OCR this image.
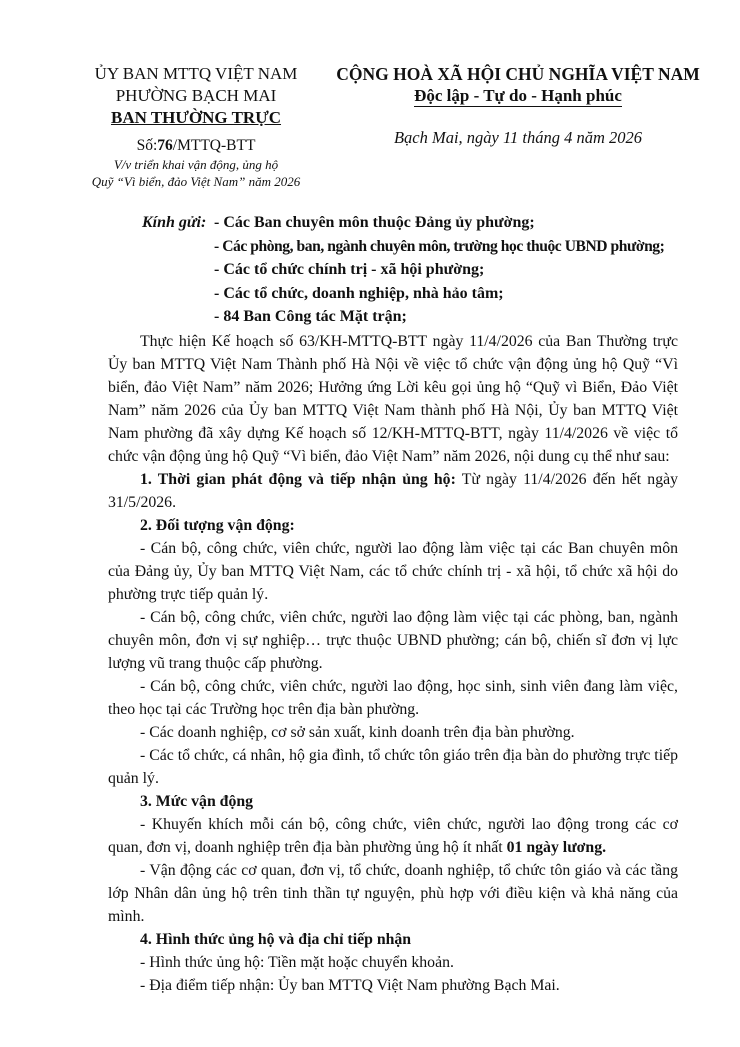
ỦY BAN MTTQ VIỆT NAM
PHƯỜNG BẠCH MAI
BAN THƯỜNG TRỰC
Số:76/MTTQ-BTT
V/v triển khai vận động, ủng hộ
Quỹ “Vì biển, đảo Việt Nam” năm 2026
CỘNG HOÀ XÃ HỘI CHỦ NGHĨA VIỆT NAM
Độc lập - Tự do - Hạnh phúc
Bạch Mai, ngày 11 tháng 4 năm 2026
Kính gửi: - Các Ban chuyên môn thuộc Đảng ủy phường;
- Các phòng, ban, ngành chuyên môn, trường học thuộc UBND phường;
- Các tổ chức chính trị - xã hội phường;
- Các tổ chức, doanh nghiệp, nhà hảo tâm;
- 84 Ban Công tác Mặt trận;

Thực hiện Kế hoạch số 63/KH-MTTQ-BTT ngày 11/4/2026 của Ban Thường trực Ủy ban MTTQ Việt Nam Thành phố Hà Nội về việc tổ chức vận động ủng hộ Quỹ “Vì biển, đảo Việt Nam” năm 2026; Hưởng ứng Lời kêu gọi ủng hộ “Quỹ vì Biển, Đảo Việt Nam” năm 2026 của Ủy ban MTTQ Việt Nam thành phố Hà Nội, Ủy ban MTTQ Việt Nam phường đã xây dựng Kế hoạch số 12/KH-MTTQ-BTT, ngày 11/4/2026 về việc tổ chức vận động ủng hộ Quỹ “Vì biển, đảo Việt Nam” năm 2026, nội dung cụ thể như sau:

1. Thời gian phát động và tiếp nhận ủng hộ: Từ ngày 11/4/2026 đến hết ngày 31/5/2026.

2. Đối tượng vận động:

- Cán bộ, công chức, viên chức, người lao động làm việc tại các Ban chuyên môn của Đảng ủy, Ủy ban MTTQ Việt Nam, các tổ chức chính trị - xã hội, tổ chức xã hội do phường trực tiếp quản lý.

- Cán bộ, công chức, viên chức, người lao động làm việc tại các phòng, ban, ngành chuyên môn, đơn vị sự nghiệp… trực thuộc UBND phường; cán bộ, chiến sĩ đơn vị lực lượng vũ trang thuộc cấp phường.

- Cán bộ, công chức, viên chức, người lao động, học sinh, sinh viên đang làm việc, theo học tại các Trường học trên địa bàn phường.

- Các doanh nghiệp, cơ sở sản xuất, kinh doanh trên địa bàn phường.

- Các tổ chức, cá nhân, hộ gia đình, tổ chức tôn giáo trên địa bàn do phường trực tiếp quản lý.

3. Mức vận động

- Khuyến khích mỗi cán bộ, công chức, viên chức, người lao động trong các cơ quan, đơn vị, doanh nghiệp trên địa bàn phường ủng hộ ít nhất 01 ngày lương.

- Vận động các cơ quan, đơn vị, tổ chức, doanh nghiệp, tổ chức tôn giáo và các tầng lớp Nhân dân ủng hộ trên tinh thần tự nguyện, phù hợp với điều kiện và khả năng của mình.

4. Hình thức ủng hộ và địa chỉ tiếp nhận

- Hình thức ủng hộ: Tiền mặt hoặc chuyển khoản.

- Địa điểm tiếp nhận: Ủy ban MTTQ Việt Nam phường Bạch Mai.
